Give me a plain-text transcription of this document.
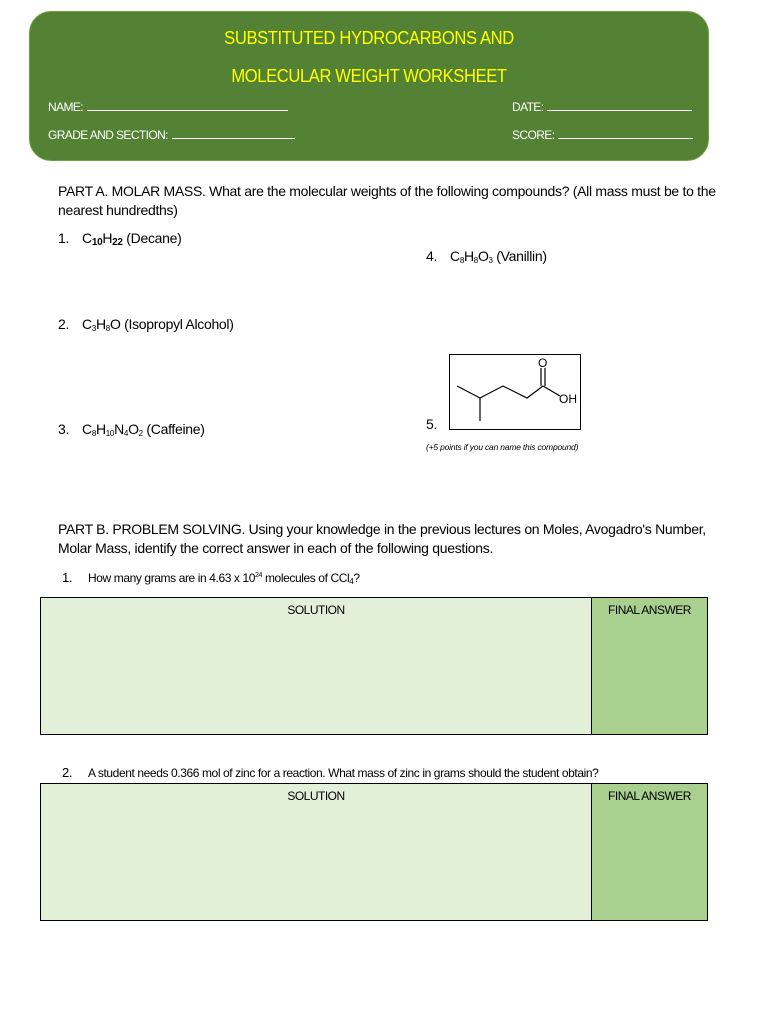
SUBSTITUTED HYDROCARBONS AND
MOLECULAR WEIGHT WORKSHEET
NAME:
GRADE AND SECTION:
DATE:
SCORE:
PART A. MOLAR MASS. What are the molecular weights of the following compounds? (All mass must be to the nearest hundredths)
1. $C_{10}H_{22}$ (Decane)
2. $C_3H_8O$ (Isopropyl Alcohol)
3. $C_8H_{10}N_4O_2$ (Caffeine)
4. $C_8H_8O_3$ (Vanillin)
5.
O
OH
(+5 points if you can name this compound)
PART B. PROBLEM SOLVING. Using your knowledge in the previous lectures on Moles, Avogadro's Number, Molar Mass, identify the correct answer in each of the following questions.
1. How many grams are in 4.63 x $10^{24}$ molecules of CCl$_4$?
SOLUTION	FINAL ANSWER
2. A student needs 0.366 mol of zinc for a reaction. What mass of zinc in grams should the student obtain?
SOLUTION	FINAL ANSWER
